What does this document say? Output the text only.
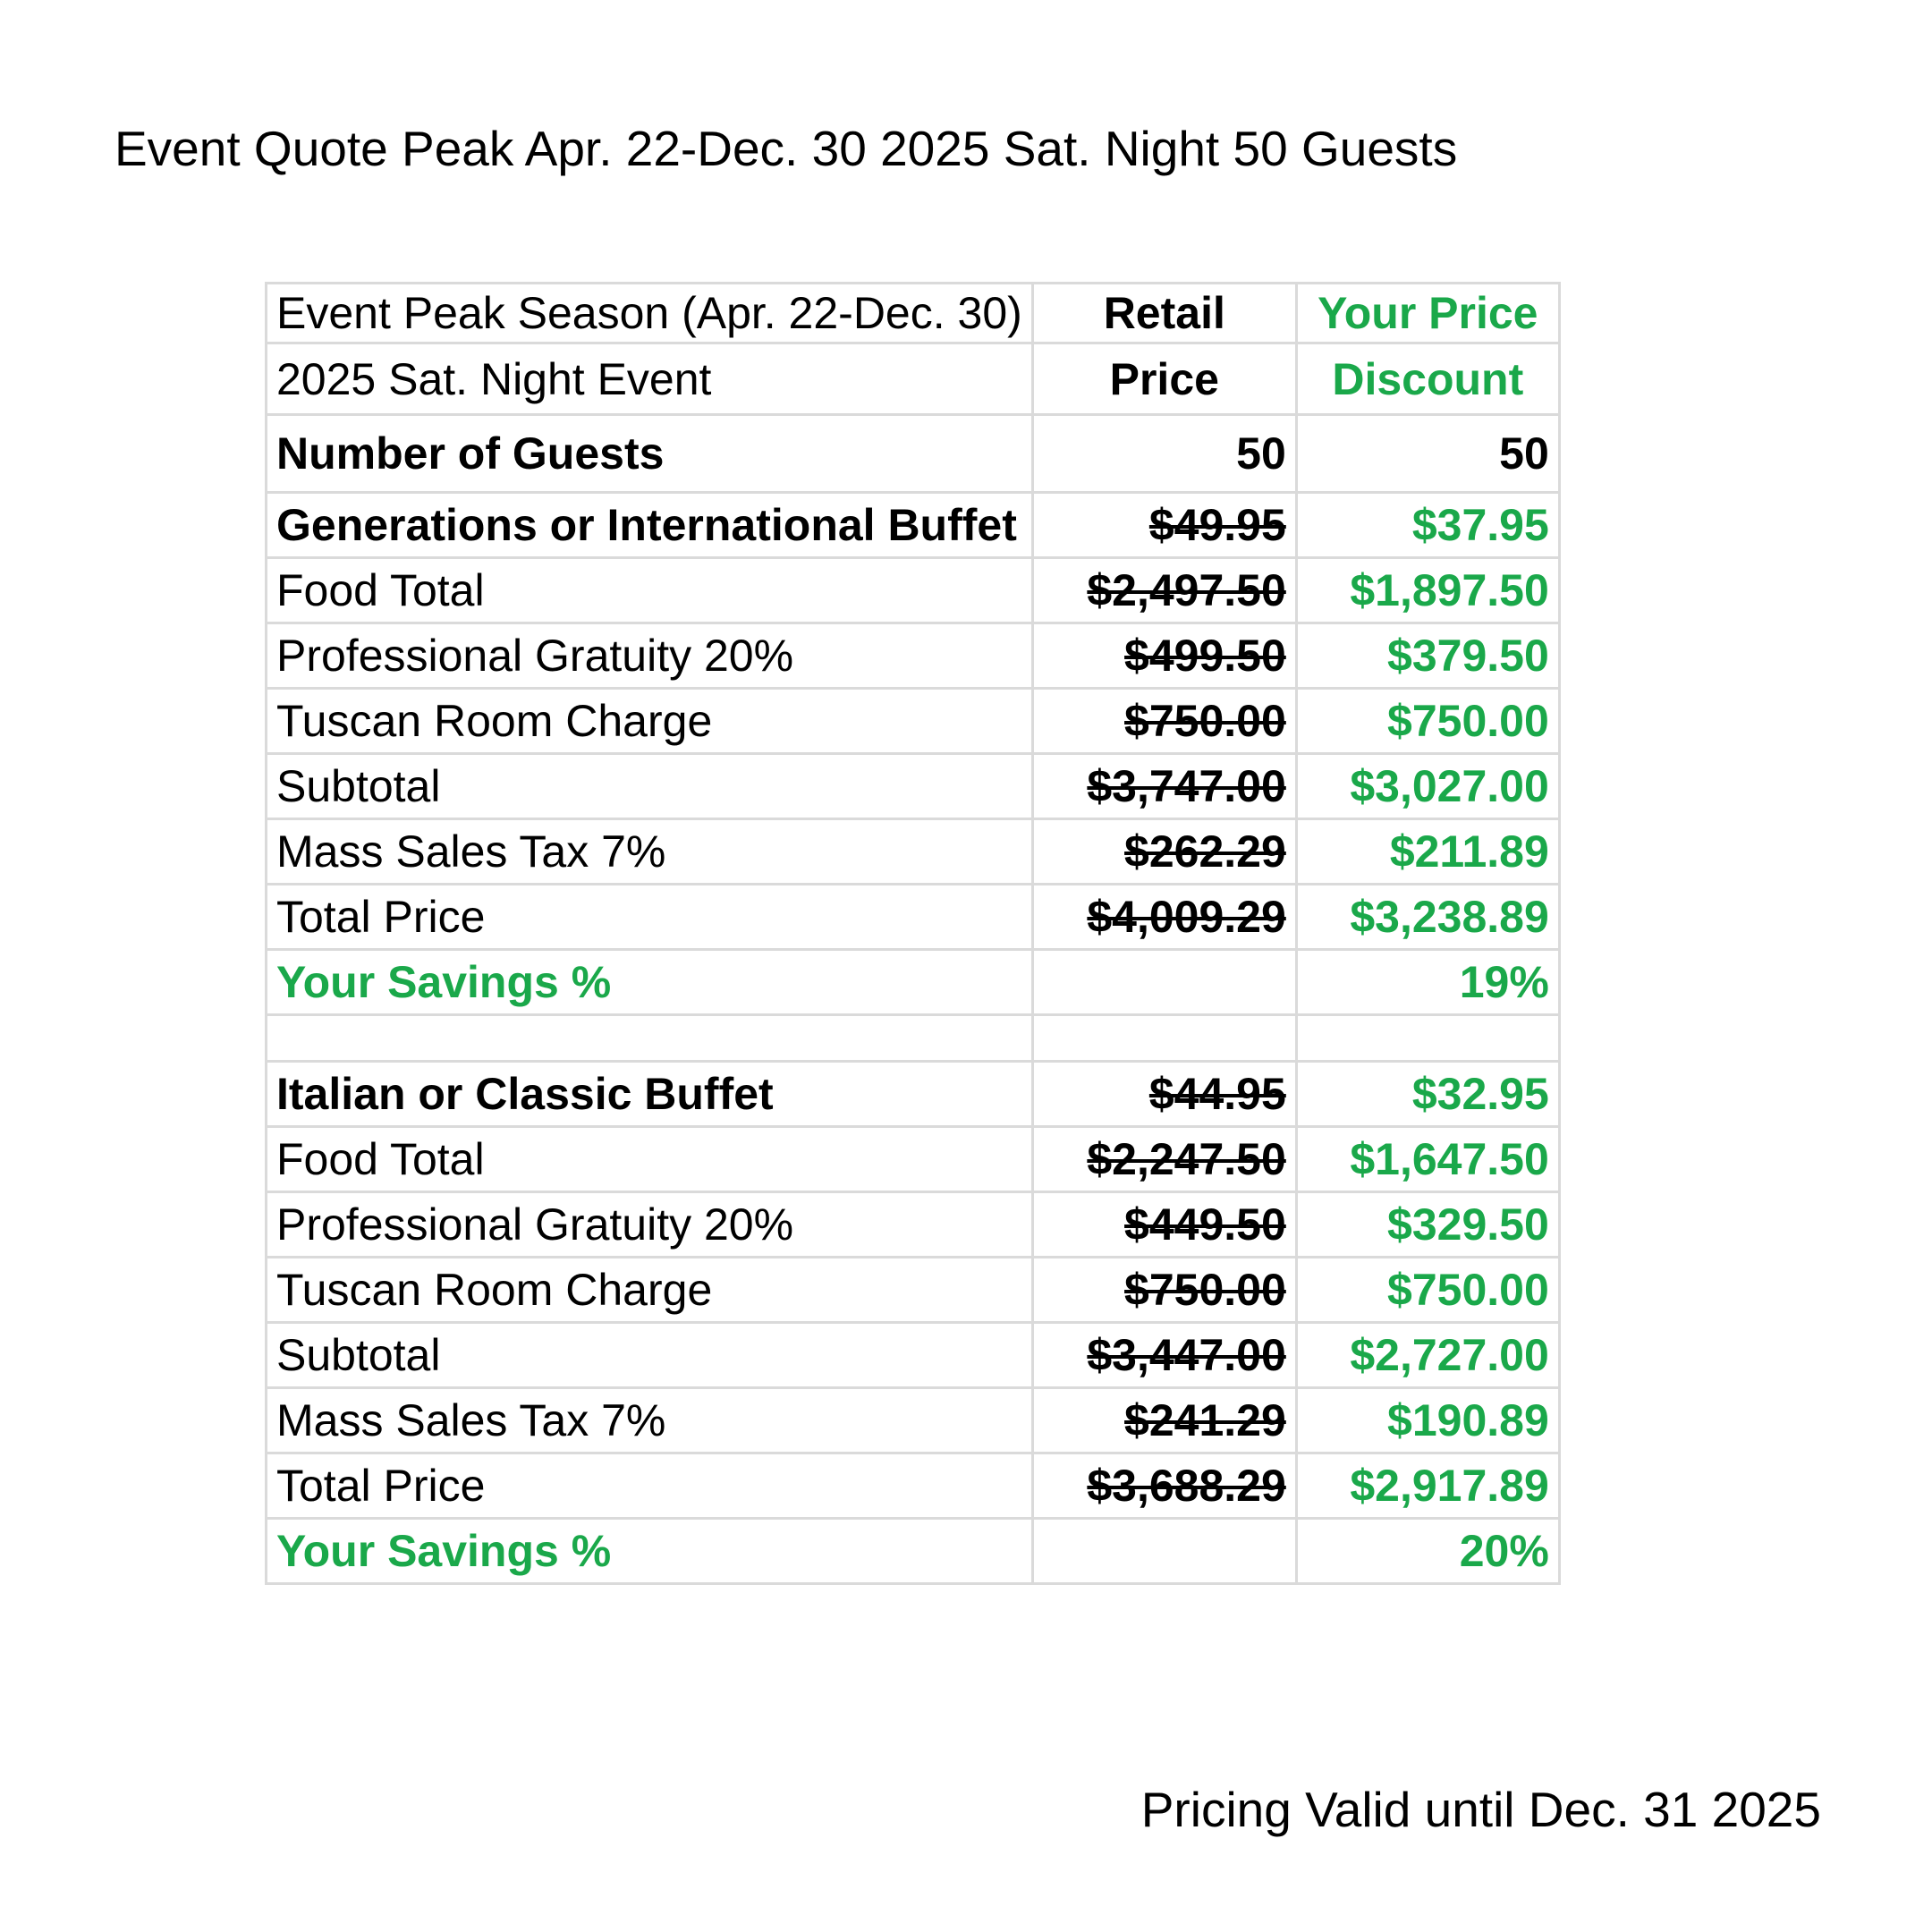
Event Quote Peak Apr. 22-Dec. 30 2025 Sat. Night 50 Guests
Event Peak Season (Apr. 22-Dec. 30)	Retail	Your Price
2025 Sat. Night Event	Price	Discount
Number of Guests	50	50
Generations or International Buffet	$49.95	$37.95
Food Total	$2,497.50	$1,897.50
Professional Gratuity 20%	$499.50	$379.50
Tuscan Room Charge	$750.00	$750.00
Subtotal	$3,747.00	$3,027.00
Mass Sales Tax 7%	$262.29	$211.89
Total Price	$4,009.29	$3,238.89
Your Savings %		19%

Italian or Classic Buffet	$44.95	$32.95
Food Total	$2,247.50	$1,647.50
Professional Gratuity 20%	$449.50	$329.50
Tuscan Room Charge	$750.00	$750.00
Subtotal	$3,447.00	$2,727.00
Mass Sales Tax 7%	$241.29	$190.89
Total Price	$3,688.29	$2,917.89
Your Savings %		20%

Pricing Valid until Dec. 31 2025
